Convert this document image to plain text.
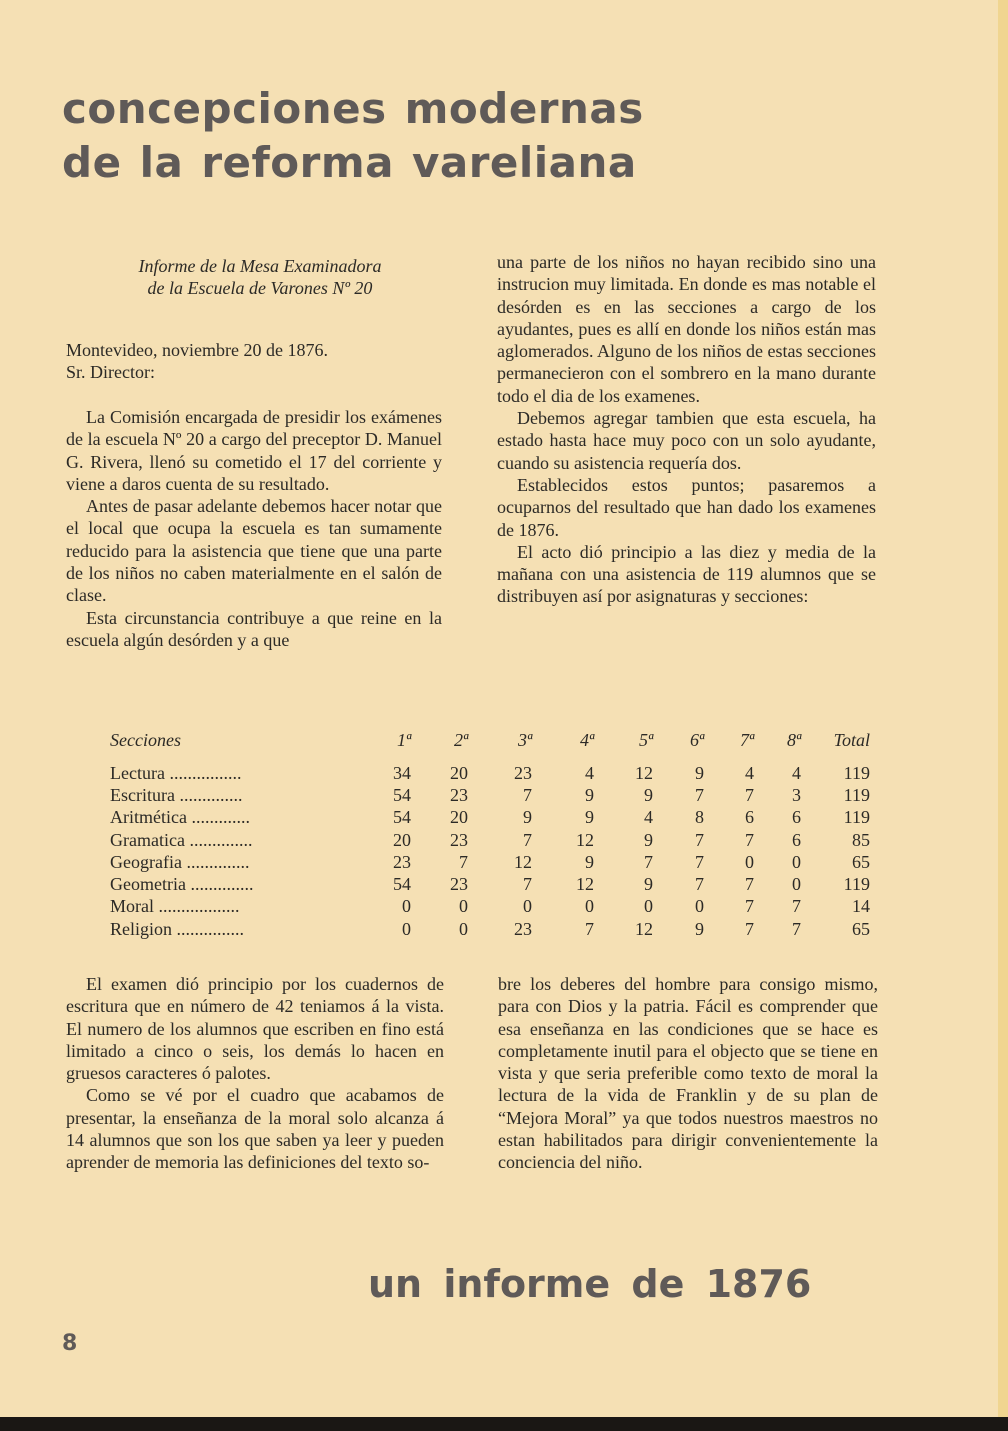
concepciones modernas
de la reforma vareliana
Informe de la Mesa Examinadora
de la Escuela de Varones Nº 20
Montevideo, noviembre 20 de 1876.
Sr. Director:

La Comisión encargada de presidir los exámenes de la escuela Nº 20 a cargo del preceptor D. Manuel G. Rivera, llenó su cometido el 17 del corriente y viene a daros cuenta de su resultado.

Antes de pasar adelante debemos hacer notar que el local que ocupa la escuela es tan sumamente reducido para la asistencia que tiene que una parte de los niños no caben materialmente en el salón de clase.

Esta circunstancia contribuye a que reine en la escuela algún desórden y a que

una parte de los niños no hayan recibido sino una instrucion muy limitada. En donde es mas notable el desórden es en las secciones a cargo de los ayudantes, pues es allí en donde los niños están mas aglomerados. Alguno de los niños de estas secciones permanecieron con el sombrero en la mano durante todo el dia de los examenes.

Debemos agregar tambien que esta escuela, ha estado hasta hace muy poco con un solo ayudante, cuando su asistencia requería dos.

Establecidos estos puntos; pasaremos a ocuparnos del resultado que han dado los examenes de 1876.

El acto dió principio a las diez y media de la mañana con una asistencia de 119 alumnos que se distribuyen así por asignaturas y secciones:

Secciones	1ª	2ª	3ª	4ª	5ª	6ª	7ª	8ª	Total
Lectura ................	34	20	23	4	12	9	4	4	119
Escritura ..............	54	23	7	9	9	7	7	3	119
Aritmética .............	54	20	9	9	4	8	6	6	119
Gramatica ..............	20	23	7	12	9	7	7	6	85
Geografia ..............	23	7	12	9	7	7	0	0	65
Geometria ..............	54	23	7	12	9	7	7	0	119
Moral ..................	0	0	0	0	0	0	7	7	14
Religion ...............	0	0	23	7	12	9	7	7	65

El examen dió principio por los cuadernos de escritura que en número de 42 teniamos á la vista. El numero de los alumnos que escriben en fino está limitado a cinco o seis, los demás lo hacen en gruesos caracteres ó palotes.

Como se vé por el cuadro que acabamos de presentar, la enseñanza de la moral solo alcanza á 14 alumnos que son los que saben ya leer y pueden aprender de memoria las definiciones del texto so-

bre los deberes del hombre para consigo mismo, para con Dios y la patria. Fácil es comprender que esa enseñanza en las condiciones que se hace es completamente inutil para el objecto que se tiene en vista y que seria preferible como texto de moral la lectura de la vida de Franklin y de su plan de “Mejora Moral” ya que todos nuestros maestros no estan habilitados para dirigir convenientemente la conciencia del niño.

un informe de 1876
8
